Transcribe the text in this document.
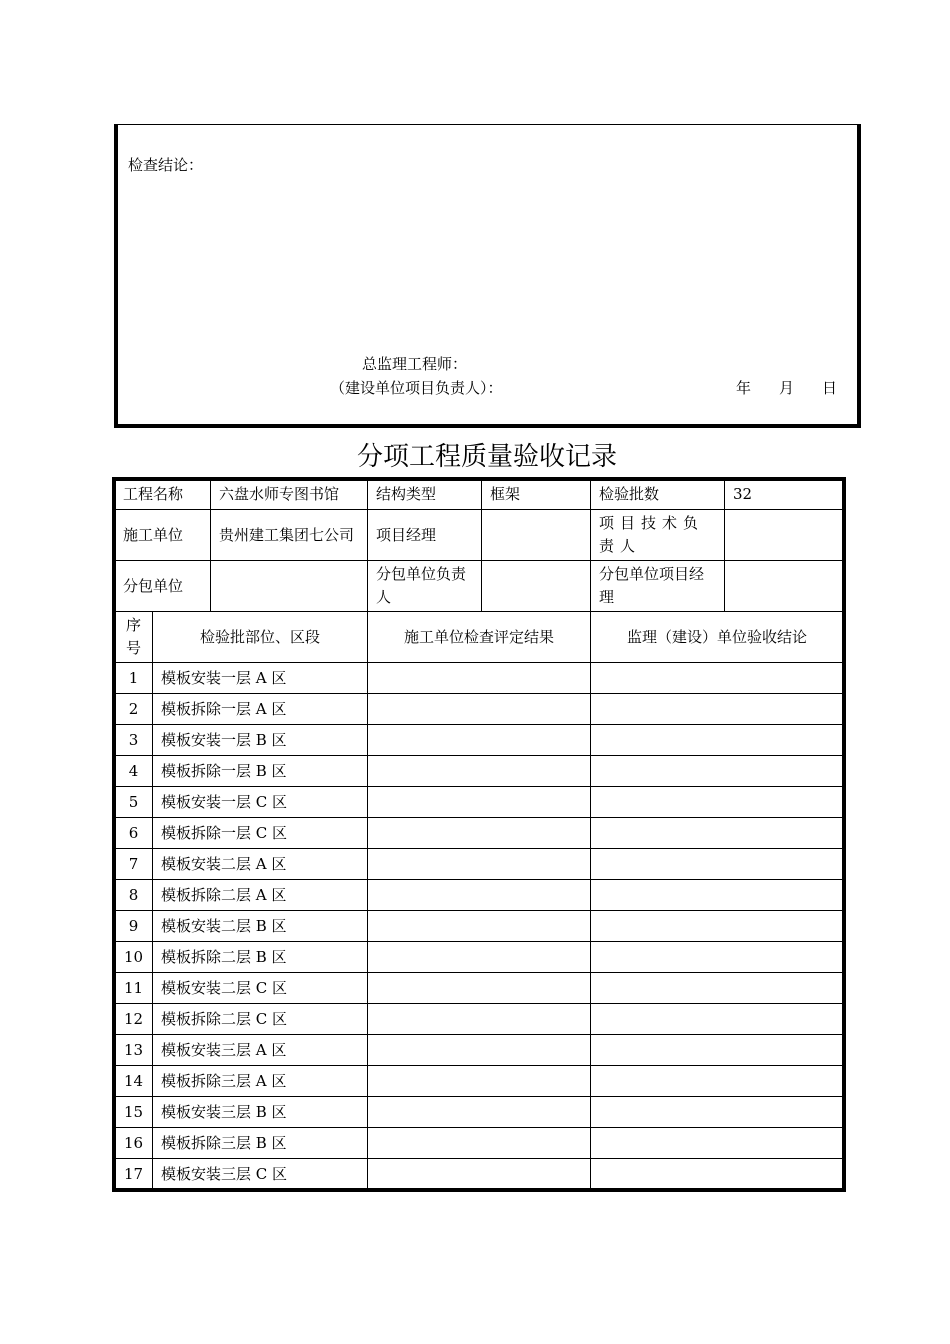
检查结论：
总监理工程师：
（建设单位项目负责人）：	年 月 日
分项工程质量验收记录
工程名称		六盘水师专图书馆	结构类型	框架	检验批数	32
施工单位		贵州建工集团七公司	项目经理		项目技术负责人	
分包单位			分包单位负责人		分包单位项目经理	
序号	检验批部位、区段		施工单位检查评定结果		监理（建设）单位验收结论	
1	模板安装一层 A 区					
2	模板拆除一层 A 区					
3	模板安装一层 B 区					
4	模板拆除一层 B 区					
5	模板安装一层 C 区					
6	模板拆除一层 C 区					
7	模板安装二层 A 区					
8	模板拆除二层 A 区					
9	模板安装二层 B 区					
10	模板拆除二层 B 区					
11	模板安装二层 C 区					
12	模板拆除二层 C 区					
13	模板安装三层 A 区					
14	模板拆除三层 A 区					
15	模板安装三层 B 区					
16	模板拆除三层 B 区					
17	模板安装三层 C 区					
